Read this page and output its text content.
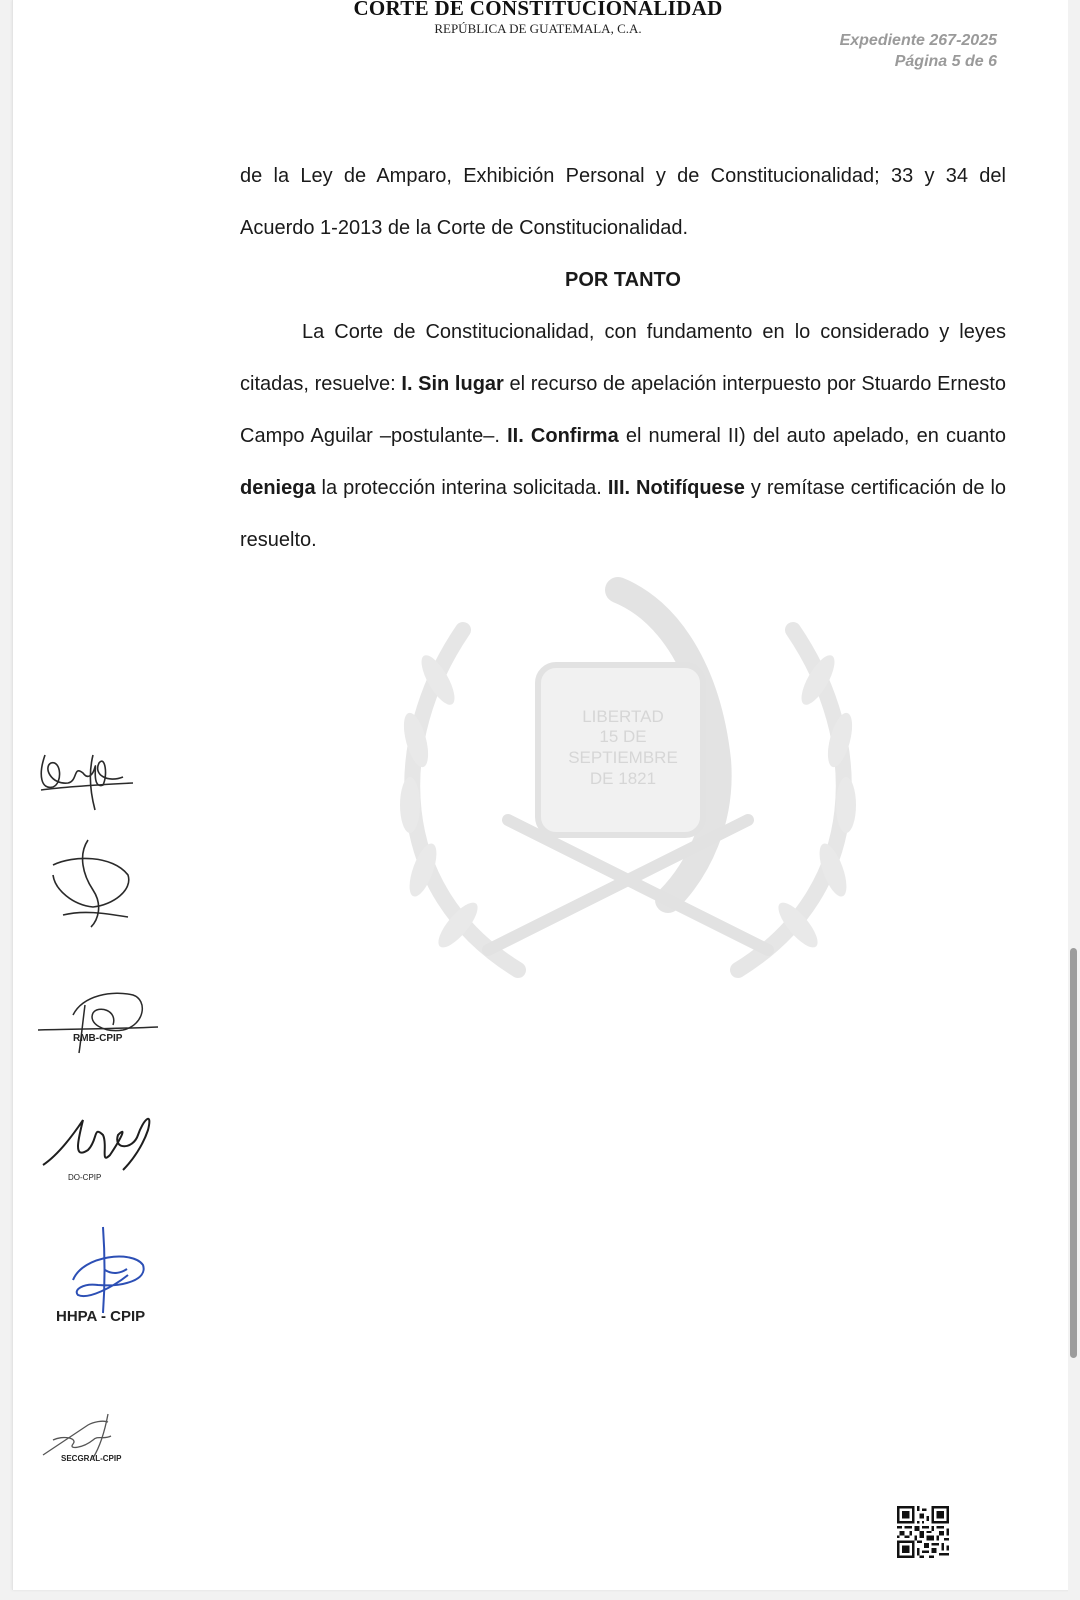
CORTE DE CONSTITUCIONALIDAD
REPÚBLICA DE GUATEMALA, C.A.
Expediente 267-2025
Página 5 de 6
LIBERTAD
15 DE
SEPTIEMBRE
DE 1821

de la Ley de Amparo, Exhibición Personal y de Constitucionalidad; 33 y 34 del Acuerdo 1-2013 de la Corte de Constitucionalidad.

POR TANTO

La Corte de Constitucionalidad, con fundamento en lo considerado y leyes citadas, resuelve: I. Sin lugar el recurso de apelación interpuesto por Stuardo Ernesto Campo Aguilar –postulante–. II. Confirma el numeral II) del auto apelado, en cuanto deniega la protección interina solicitada. III. Notifíquese y remítase certificación de lo resuelto.

RMB-CPIP
DO-CPIP
HHPA - CPIP
SECGRAL-CPIP
